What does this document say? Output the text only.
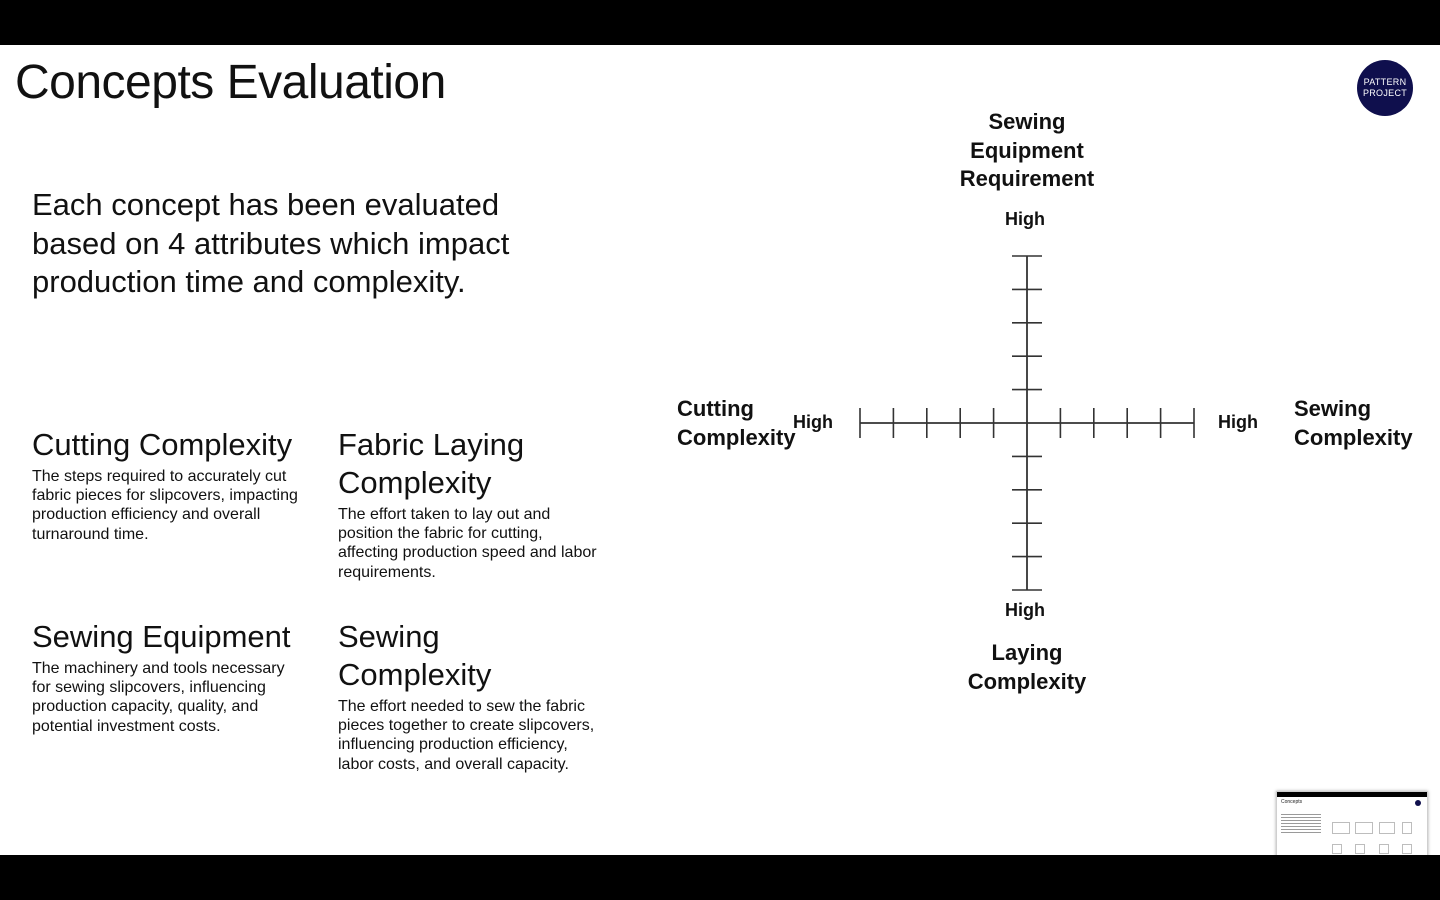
Concepts Evaluation	PATTERN
PROJECT
Each concept has been evaluated based on 4 attributes which impact production time and complexity.
Cutting Complexity
The steps required to accurately cut fabric pieces for slipcovers, impacting production efficiency and overall turnaround time.
Fabric Laying Complexity
The effort taken to lay out and position the fabric for cutting, affecting production speed and labor requirements.
Sewing Equipment
The machinery and tools necessary for sewing slipcovers, influencing production capacity, quality, and potential investment costs.
Sewing Complexity
The effort needed to sew the fabric pieces together to create slipcovers, influencing production efficiency, labor costs, and overall capacity.
Sewing Equipment Requirement
High
Cutting Complexity
High	High
Sewing Complexity
High
Laying Complexity
Concepts
